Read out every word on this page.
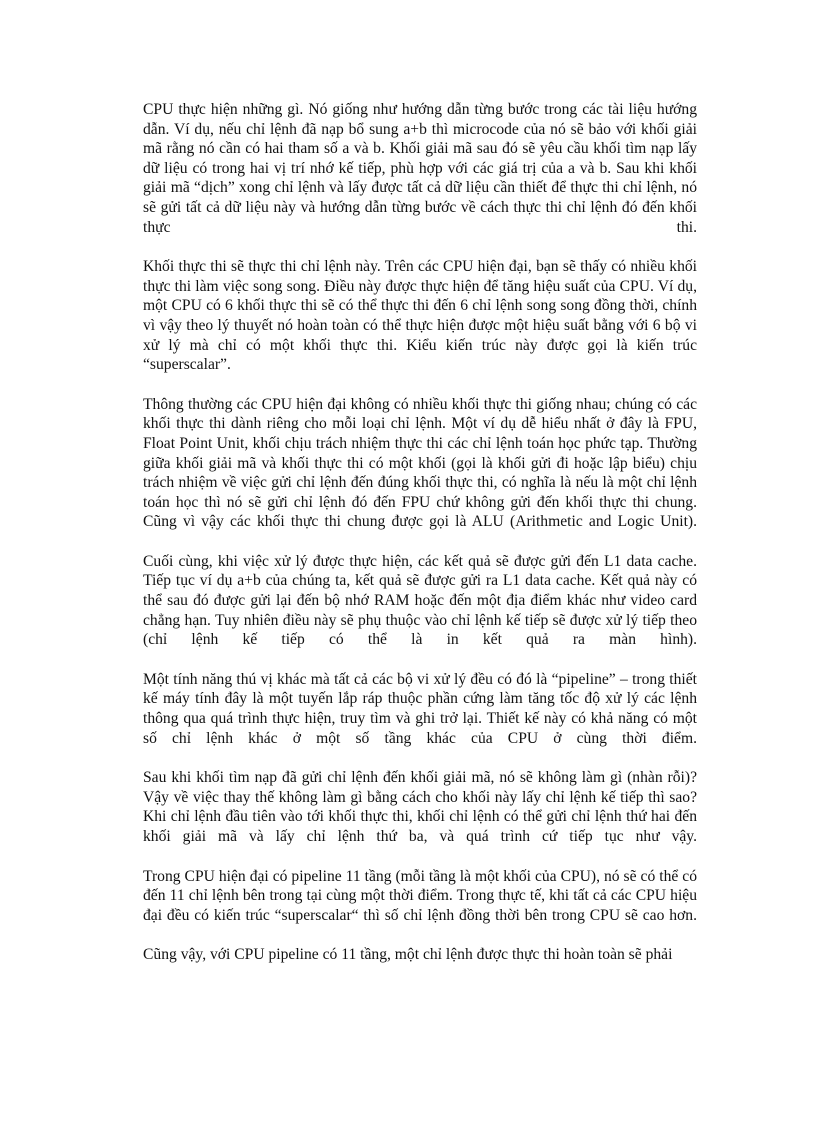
CPU thực hiện những gì. Nó giống như hướng dẫn từng bước trong các tài liệu hướng dẫn. Ví dụ, nếu chỉ lệnh đã nạp bổ sung a+b thì microcode của nó sẽ bảo với khối giải mã rằng nó cần có hai tham số a và b. Khối giải mã sau đó sẽ yêu cầu khối tìm nạp lấy dữ liệu có trong hai vị trí nhớ kế tiếp, phù hợp với các giá trị của a và b. Sau khi khối giải mã “dịch” xong chỉ lệnh và lấy được tất cả dữ liệu cần thiết để thực thi chỉ lệnh, nó sẽ gửi tất cả dữ liệu này và hướng dẫn từng bước về cách thực thi chỉ lệnh đó đến khối thực thi.

Khối thực thi sẽ thực thi chỉ lệnh này. Trên các CPU hiện đại, bạn sẽ thấy có nhiều khối thực thi làm việc song song. Điều này được thực hiện để tăng hiệu suất của CPU. Ví dụ, một CPU có 6 khối thực thi sẽ có thể thực thi đến 6 chỉ lệnh song song đồng thời, chính vì vậy theo lý thuyết nó hoàn toàn có thể thực hiện được một hiệu suất bằng với 6 bộ vi xử lý mà chỉ có một khối thực thi. Kiểu kiến trúc này được gọi là kiến trúc “superscalar”.

Thông thường các CPU hiện đại không có nhiều khối thực thi giống nhau; chúng có các khối thực thi dành riêng cho mỗi loại chỉ lệnh. Một ví dụ dễ hiểu nhất ở đây là FPU, Float Point Unit, khối chịu trách nhiệm thực thi các chỉ lệnh toán học phức tạp. Thường giữa khối giải mã và khối thực thi có một khối (gọi là khối gửi đi hoặc lập biểu) chịu trách nhiệm về việc gửi chỉ lệnh đến đúng khối thực thi, có nghĩa là nếu là một chỉ lệnh toán học thì nó sẽ gửi chỉ lệnh đó đến FPU chứ không gửi đến khối thực thi chung. Cũng vì vậy các khối thực thi chung được gọi là ALU (Arithmetic and Logic Unit).

Cuối cùng, khi việc xử lý được thực hiện, các kết quả sẽ được gửi đến L1 data cache. Tiếp tục ví dụ a+b của chúng ta, kết quả sẽ được gửi ra L1 data cache. Kết quả này có thể sau đó được gửi lại đến bộ nhớ RAM hoặc đến một địa điểm khác như video card chẳng hạn. Tuy nhiên điều này sẽ phụ thuộc vào chỉ lệnh kế tiếp sẽ được xử lý tiếp theo (chỉ lệnh kế tiếp có thể là in kết quả ra màn hình).

Một tính năng thú vị khác mà tất cả các bộ vi xử lý đều có đó là “pipeline” – trong thiết kế máy tính đây là một tuyến lắp ráp thuộc phần cứng làm tăng tốc độ xử lý các lệnh thông qua quá trình thực hiện, truy tìm và ghi trở lại. Thiết kế này có khả năng có một số chỉ lệnh khác ở một số tầng khác của CPU ở cùng thời điểm.

Sau khi khối tìm nạp đã gửi chỉ lệnh đến khối giải mã, nó sẽ không làm gì (nhàn rỗi)? Vậy về việc thay thế không làm gì bằng cách cho khối này lấy chỉ lệnh kế tiếp thì sao? Khi chỉ lệnh đầu tiên vào tới khối thực thi, khối chỉ lệnh có thể gửi chỉ lệnh thứ hai đến khối giải mã và lấy chỉ lệnh thứ ba, và quá trình cứ tiếp tục như vậy.

Trong CPU hiện đại có pipeline 11 tầng (mỗi tầng là một khối của CPU), nó sẽ có thể có đến 11 chỉ lệnh bên trong tại cùng một thời điểm. Trong thực tế, khi tất cả các CPU hiệu đại đều có kiến trúc “superscalar“ thì số chỉ lệnh đồng thời bên trong CPU sẽ cao hơn.

Cũng vậy, với CPU pipeline có 11 tầng, một chỉ lệnh được thực thi hoàn toàn sẽ phải
